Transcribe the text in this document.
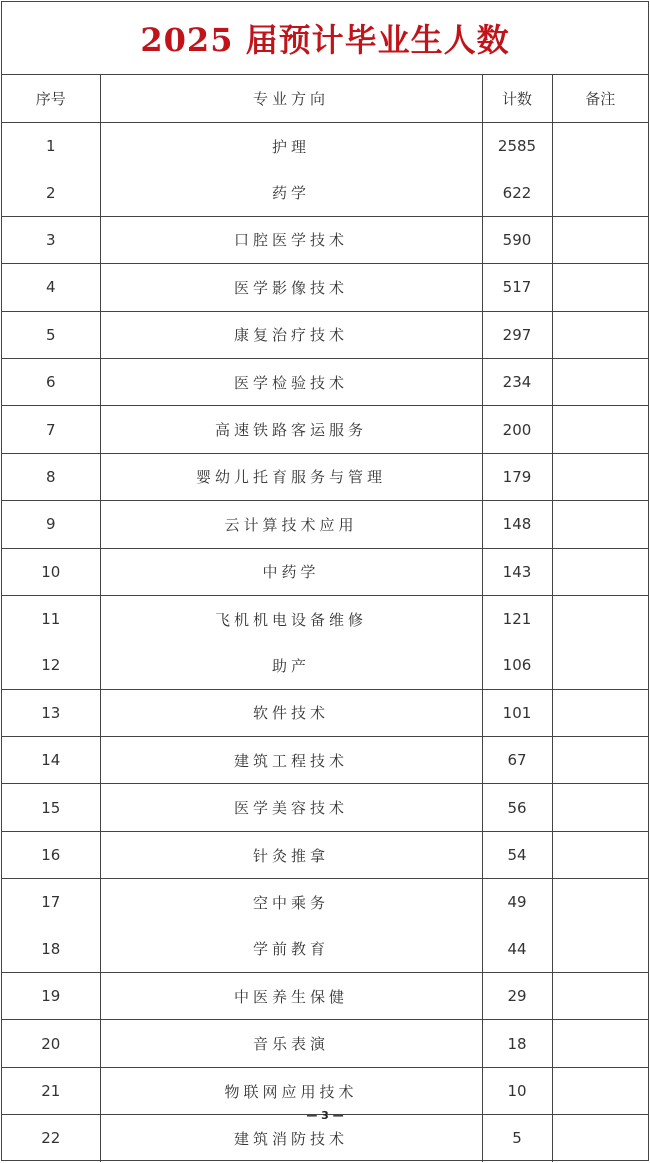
2025 届预计毕业生人数
序号	专业方向	计数	备注
1	护理	2585	
2	药学	622	
3	口腔医学技术	590	
4	医学影像技术	517	
5	康复治疗技术	297	
6	医学检验技术	234	
7	高速铁路客运服务	200	
8	婴幼儿托育服务与管理	179	
9	云计算技术应用	148	
10	中药学	143	
11	飞机机电设备维修	121	
12	助产	106	
13	软件技术	101	
14	建筑工程技术	67	
15	医学美容技术	56	
16	针灸推拿	54	
17	空中乘务	49	
18	学前教育	44	
19	中医养生保健	29	
20	音乐表演	18	
21	物联网应用技术	10	
22	建筑消防技术	5	
— 3 —
